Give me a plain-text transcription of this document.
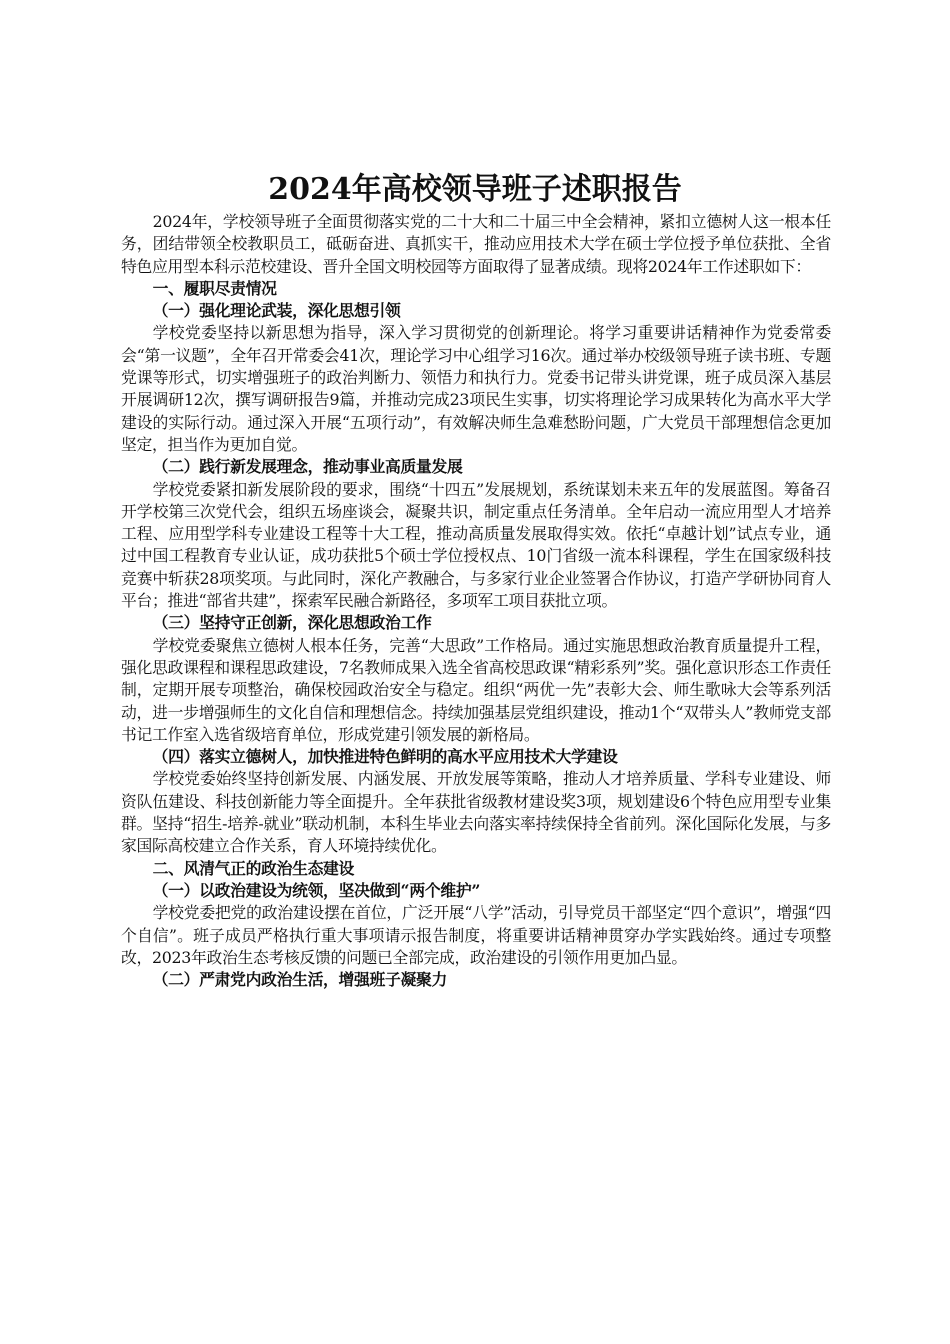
2024年高校领导班子述职报告

2024年，学校领导班子全面贯彻落实党的二十大和二十届三中全会精神，紧扣立德树人这一根本任务，团结带领全校教职员工，砥砺奋进、真抓实干，推动应用技术大学在硕士学位授予单位获批、全省特色应用型本科示范校建设、晋升全国文明校园等方面取得了显著成绩。现将2024年工作述职如下：

一、履职尽责情况
（一）强化理论武装，深化思想引领

学校党委坚持以新思想为指导，深入学习贯彻党的创新理论。将学习重要讲话精神作为党委常委会“第一议题”，全年召开常委会41次，理论学习中心组学习16次。通过举办校级领导班子读书班、专题党课等形式，切实增强班子的政治判断力、领悟力和执行力。党委书记带头讲党课，班子成员深入基层开展调研12次，撰写调研报告9篇，并推动完成23项民生实事，切实将理论学习成果转化为高水平大学建设的实际行动。通过深入开展“五项行动”，有效解决师生急难愁盼问题，广大党员干部理想信念更加坚定，担当作为更加自觉。

（二）践行新发展理念，推动事业高质量发展

学校党委紧扣新发展阶段的要求，围绕“十四五”发展规划，系统谋划未来五年的发展蓝图。筹备召开学校第三次党代会，组织五场座谈会，凝聚共识，制定重点任务清单。全年启动一流应用型人才培养工程、应用型学科专业建设工程等十大工程，推动高质量发展取得实效。依托“卓越计划”试点专业，通过中国工程教育专业认证，成功获批5个硕士学位授权点、10门省级一流本科课程，学生在国家级科技竞赛中斩获28项奖项。与此同时，深化产教融合，与多家行业企业签署合作协议，打造产学研协同育人平台；推进“部省共建”，探索军民融合新路径，多项军工项目获批立项。

（三）坚持守正创新，深化思想政治工作

学校党委聚焦立德树人根本任务，完善“大思政”工作格局。通过实施思想政治教育质量提升工程，强化思政课程和课程思政建设，7名教师成果入选全省高校思政课“精彩系列”奖。强化意识形态工作责任制，定期开展专项整治，确保校园政治安全与稳定。组织“两优一先”表彰大会、师生歌咏大会等系列活动，进一步增强师生的文化自信和理想信念。持续加强基层党组织建设，推动1个“双带头人”教师党支部书记工作室入选省级培育单位，形成党建引领发展的新格局。

（四）落实立德树人，加快推进特色鲜明的高水平应用技术大学建设

学校党委始终坚持创新发展、内涵发展、开放发展等策略，推动人才培养质量、学科专业建设、师资队伍建设、科技创新能力等全面提升。全年获批省级教材建设奖3项，规划建设6个特色应用型专业集群。坚持“招生-培养-就业”联动机制，本科生毕业去向落实率持续保持全省前列。深化国际化发展，与多家国际高校建立合作关系，育人环境持续优化。

二、风清气正的政治生态建设
（一）以政治建设为统领，坚决做到“两个维护”

学校党委把党的政治建设摆在首位，广泛开展“八学”活动，引导党员干部坚定“四个意识”，增强“四个自信”。班子成员严格执行重大事项请示报告制度，将重要讲话精神贯穿办学实践始终。通过专项整改，2023年政治生态考核反馈的问题已全部完成，政治建设的引领作用更加凸显。

（二）严肃党内政治生活，增强班子凝聚力
